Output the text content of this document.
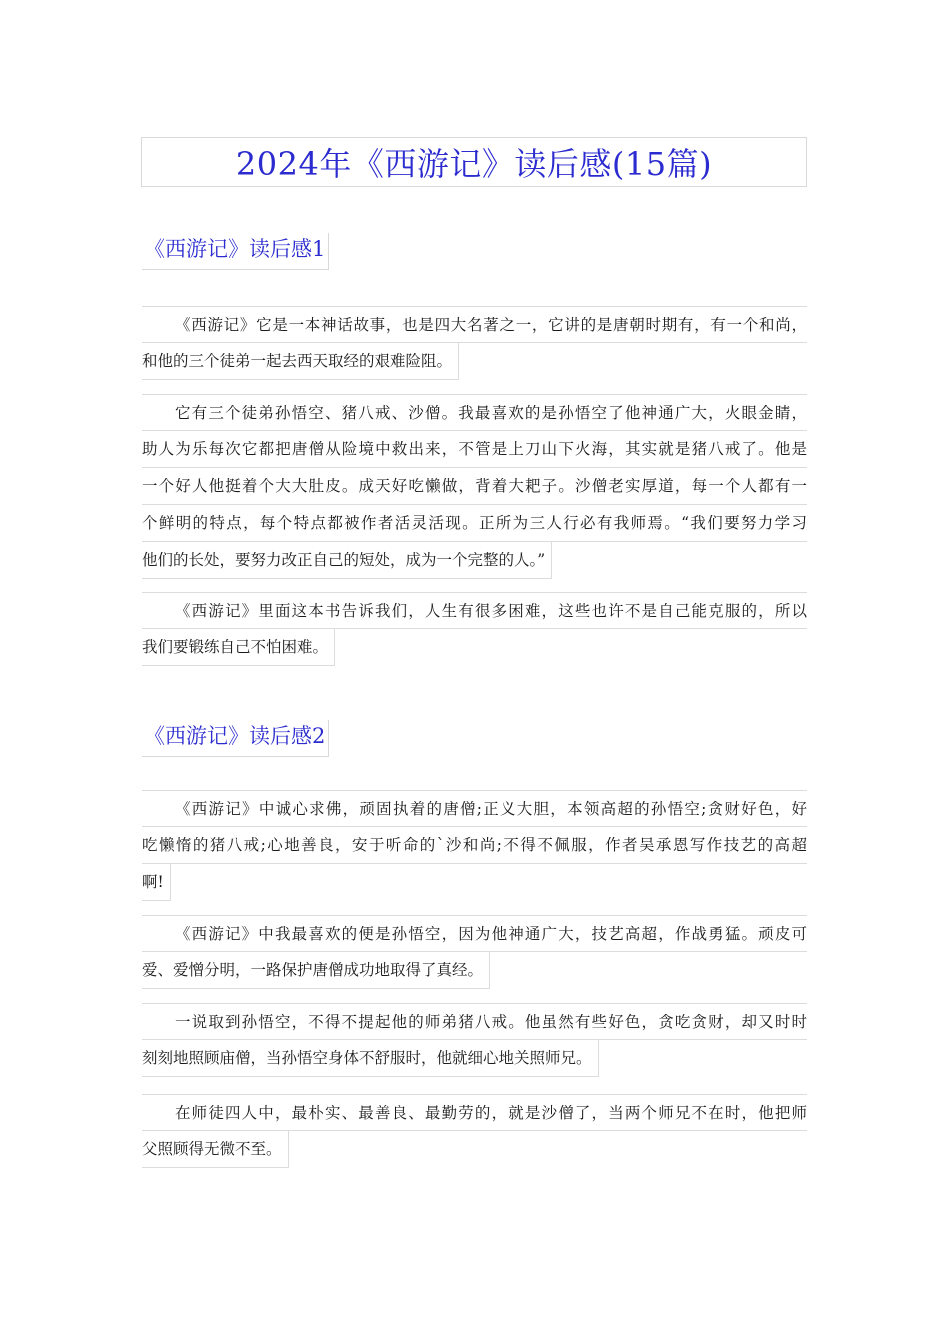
2024年《西游记》读后感(15篇)
《西游记》读后感1
《西游记》它是一本神话故事，也是四大名著之一，它讲的是唐朝时期有，有一个和尚，
和他的三个徒弟一起去西天取经的艰难险阻。
它有三个徒弟孙悟空、猪八戒、沙僧。我最喜欢的是孙悟空了他神通广大，火眼金睛，
助人为乐每次它都把唐僧从险境中救出来，不管是上刀山下火海，其实就是猪八戒了。他是
一个好人他挺着个大大肚皮。成天好吃懒做，背着大耙子。沙僧老实厚道，每一个人都有一
个鲜明的特点，每个特点都被作者活灵活现。正所为三人行必有我师焉。“我们要努力学习
他们的长处，要努力改正自己的短处，成为一个完整的人。”
《西游记》里面这本书告诉我们，人生有很多困难，这些也许不是自己能克服的，所以
我们要锻练自己不怕困难。
《西游记》读后感2
《西游记》中诚心求佛，顽固执着的唐僧;正义大胆，本领高超的孙悟空;贪财好色，好
吃懒惰的猪八戒;心地善良，安于听命的`沙和尚;不得不佩服，作者吴承恩写作技艺的高超
啊!
《西游记》中我最喜欢的便是孙悟空，因为他神通广大，技艺高超，作战勇猛。顽皮可
爱、爱憎分明，一路保护唐僧成功地取得了真经。
一说取到孙悟空，不得不提起他的师弟猪八戒。他虽然有些好色，贪吃贪财，却又时时
刻刻地照顾庙僧，当孙悟空身体不舒服时，他就细心地关照师兄。
在师徒四人中，最朴实、最善良、最勤劳的，就是沙僧了，当两个师兄不在时，他把师
父照顾得无微不至。
